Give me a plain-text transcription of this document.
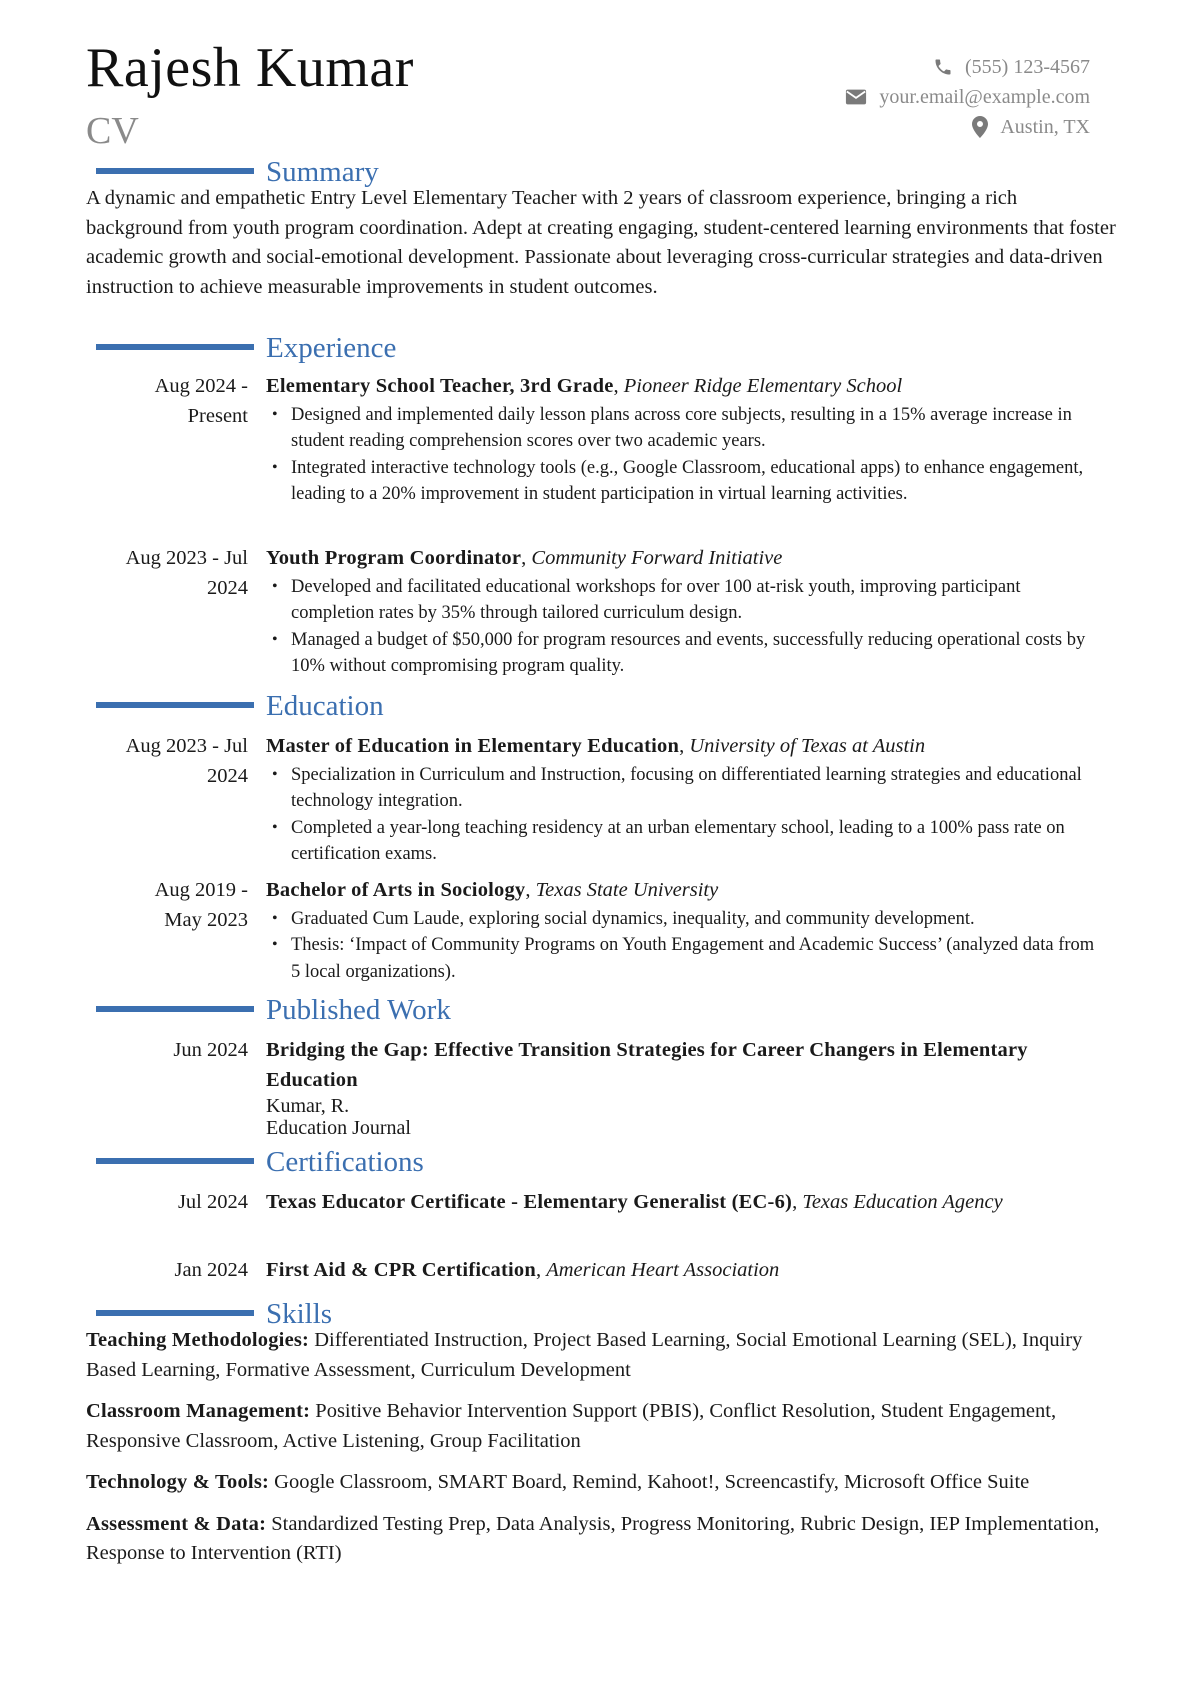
Rajesh Kumar
CV
(555) 123-4567
your.email@example.com
Austin, TX
Summary
A dynamic and empathetic Entry Level Elementary Teacher with 2 years of classroom experience, bringing a rich background from youth program coordination. Adept at creating engaging, student-centered learning environments that foster academic growth and social-emotional development. Passionate about leveraging cross-curricular strategies and data-driven instruction to achieve measurable improvements in student outcomes.
Experience
Aug 2024 -
Present
Elementary School Teacher, 3rd Grade, Pioneer Ridge Elementary School
• Designed and implemented daily lesson plans across core subjects, resulting in a 15% average increase in student reading comprehension scores over two academic years.
• Integrated interactive technology tools (e.g., Google Classroom, educational apps) to enhance engagement, leading to a 20% improvement in student participation in virtual learning activities.
Aug 2023 - Jul
2024
Youth Program Coordinator, Community Forward Initiative
• Developed and facilitated educational workshops for over 100 at-risk youth, improving participant completion rates by 35% through tailored curriculum design.
• Managed a budget of $50,000 for program resources and events, successfully reducing operational costs by 10% without compromising program quality.
Education
Aug 2023 - Jul
2024
Master of Education in Elementary Education, University of Texas at Austin
• Specialization in Curriculum and Instruction, focusing on differentiated learning strategies and educational technology integration.
• Completed a year-long teaching residency at an urban elementary school, leading to a 100% pass rate on certification exams.
Aug 2019 -
May 2023
Bachelor of Arts in Sociology, Texas State University
• Graduated Cum Laude, exploring social dynamics, inequality, and community development.
• Thesis: ‘Impact of Community Programs on Youth Engagement and Academic Success’ (analyzed data from 5 local organizations).
Published Work
Jun 2024 Bridging the Gap: Effective Transition Strategies for Career Changers in Elementary Education
Kumar, R.
Education Journal
Certifications
Jul 2024 Texas Educator Certificate - Elementary Generalist (EC-6), Texas Education Agency
Jan 2024 First Aid & CPR Certification, American Heart Association
Skills
Teaching Methodologies: Differentiated Instruction, Project Based Learning, Social Emotional Learning (SEL), Inquiry Based Learning, Formative Assessment, Curriculum Development
Classroom Management: Positive Behavior Intervention Support (PBIS), Conflict Resolution, Student Engagement, Responsive Classroom, Active Listening, Group Facilitation
Technology & Tools: Google Classroom, SMART Board, Remind, Kahoot!, Screencastify, Microsoft Office Suite
Assessment & Data: Standardized Testing Prep, Data Analysis, Progress Monitoring, Rubric Design, IEP Implementation, Response to Intervention (RTI)
